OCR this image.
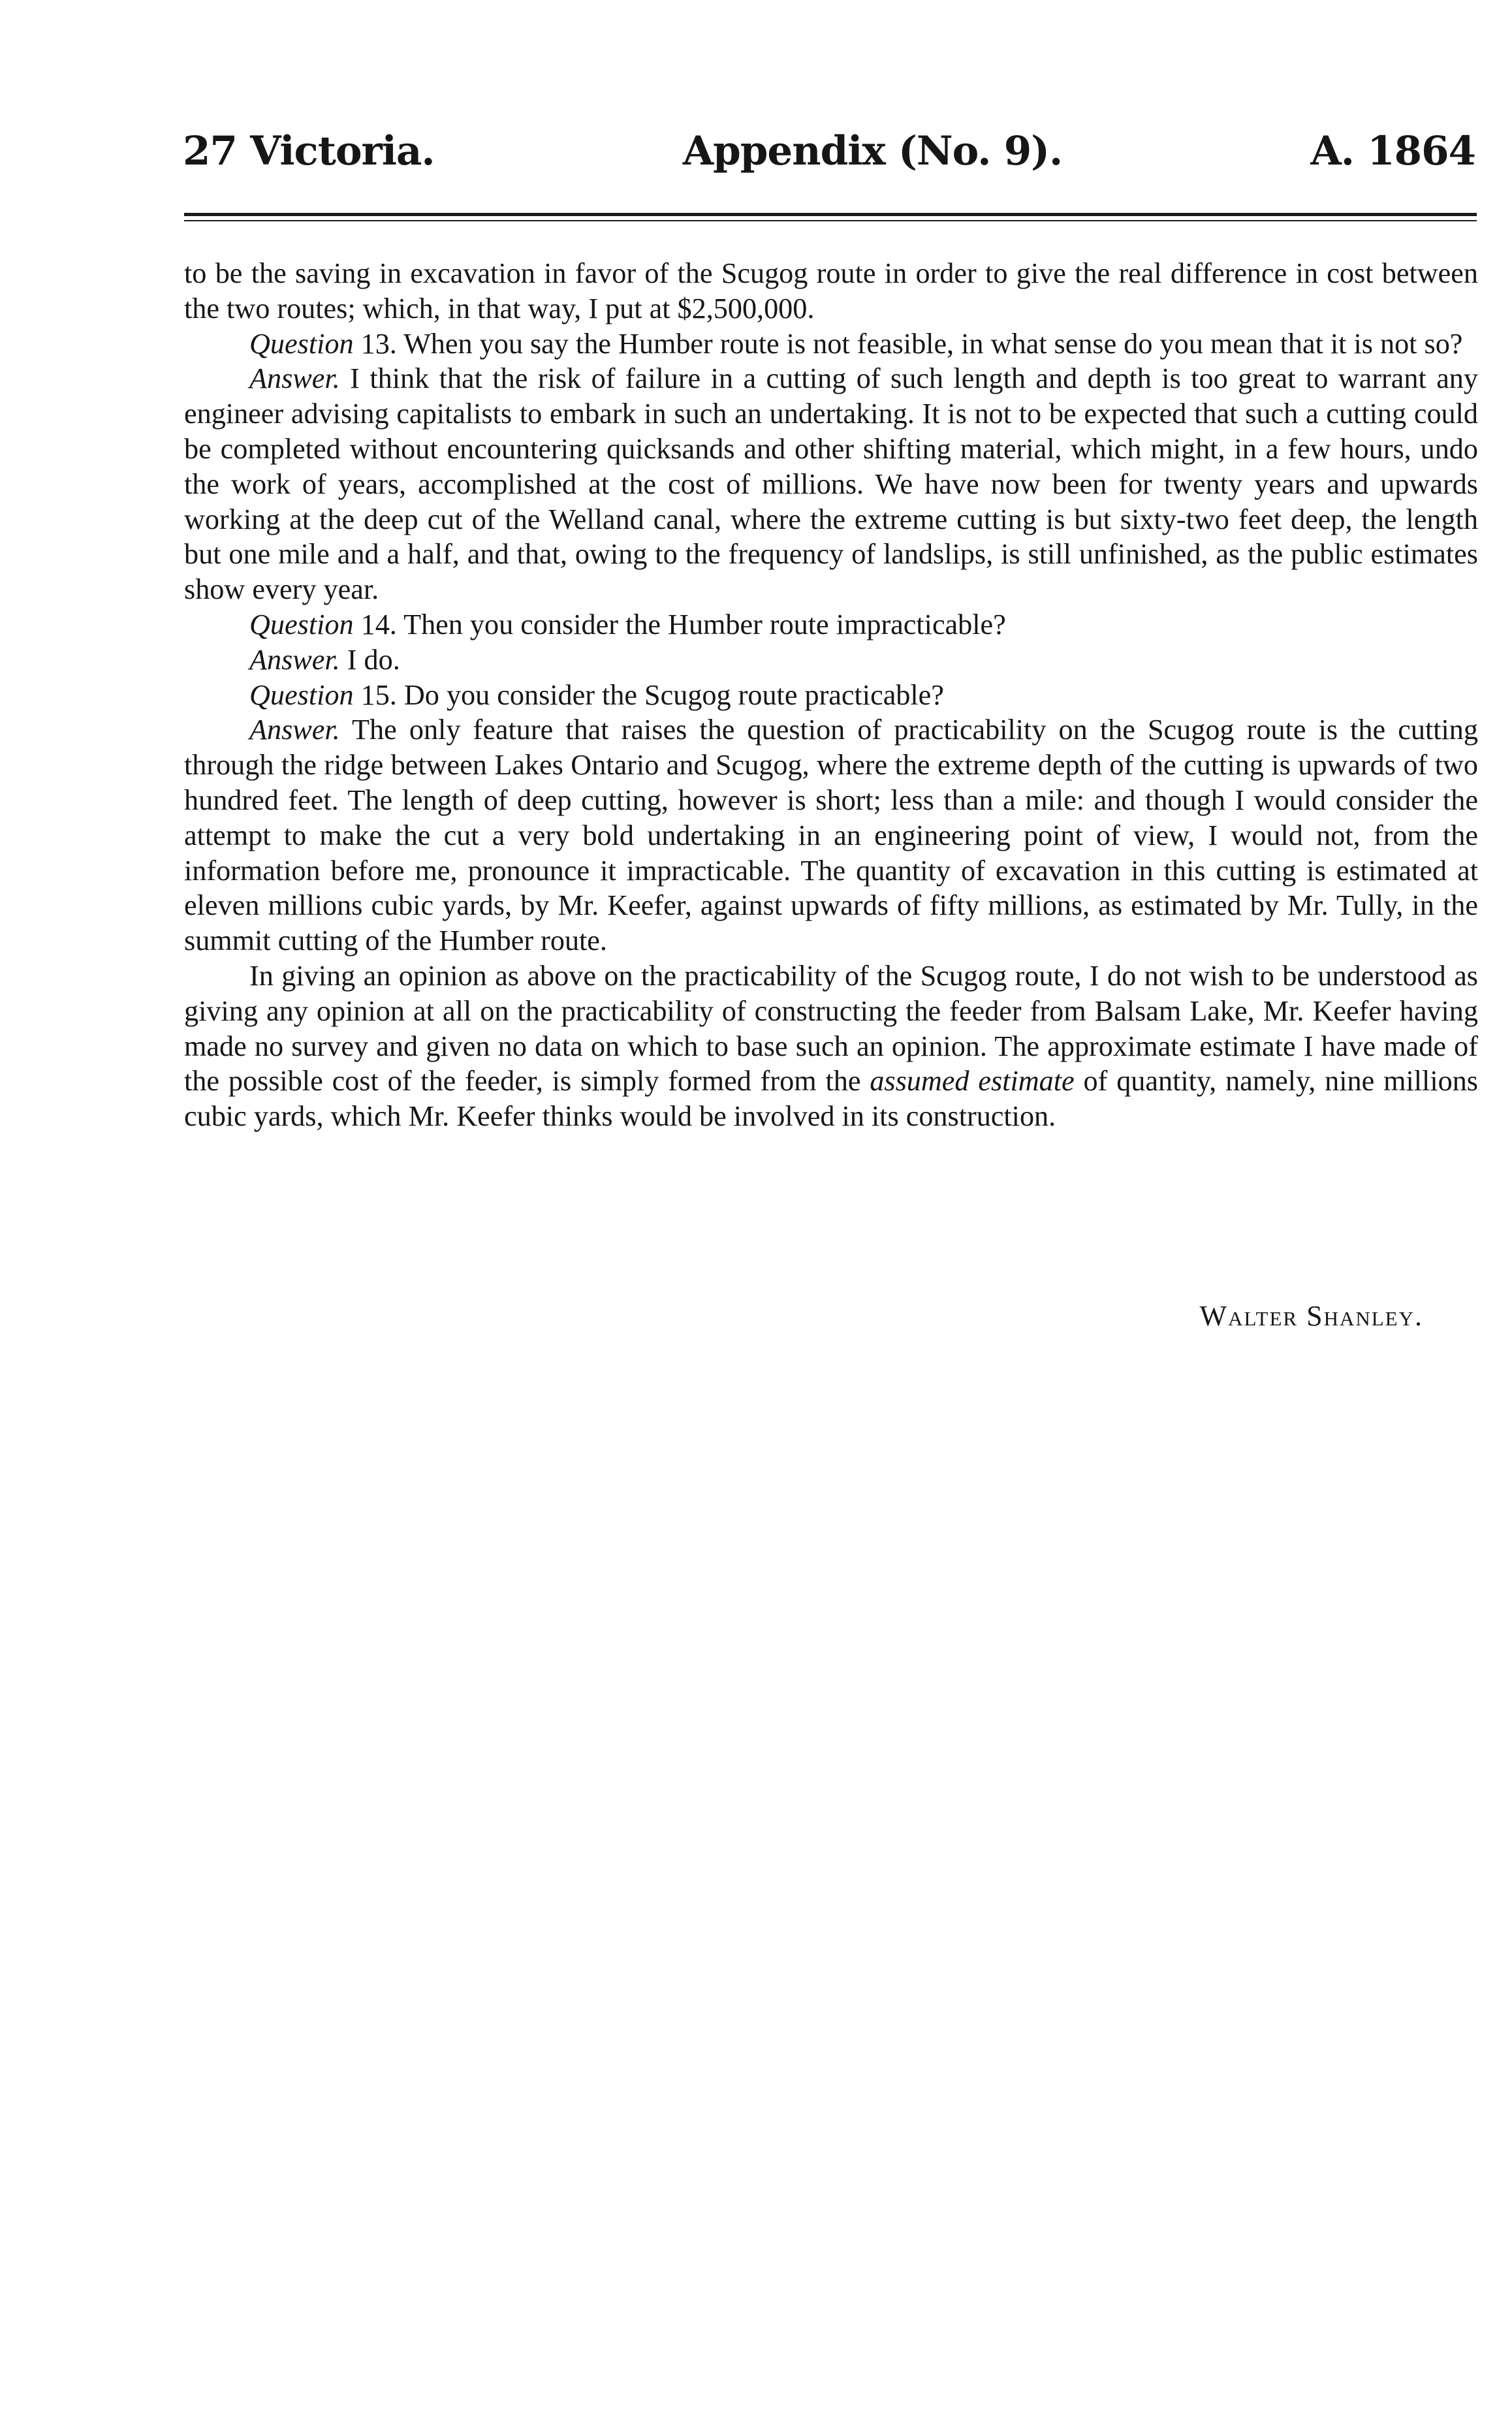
27 Victoria.	Appendix (No. 9).	A. 1864

to be the saving in excavation in favor of the Scugog route in order to give the real difference in cost between the two routes; which, in that way, I put at $2,500,000.

Question 13. When you say the Humber route is not feasible, in what sense do you mean that it is not so?

Answer. I think that the risk of failure in a cutting of such length and depth is too great to warrant any engineer advising capitalists to embark in such an undertaking. It is not to be expected that such a cutting could be completed without encountering quicksands and other shifting material, which might, in a few hours, undo the work of years, accomplished at the cost of millions. We have now been for twenty years and upwards working at the deep cut of the Welland canal, where the extreme cutting is but sixty-two feet deep, the length but one mile and a half, and that, owing to the frequency of landslips, is still unfinished, as the public estimates show every year.

Question 14. Then you consider the Humber route impracticable?

Answer. I do.

Question 15. Do you consider the Scugog route practicable?

Answer. The only feature that raises the question of practicability on the Scugog route is the cutting through the ridge between Lakes Ontario and Scugog, where the extreme depth of the cutting is upwards of two hundred feet. The length of deep cutting, however is short; less than a mile: and though I would consider the attempt to make the cut a very bold undertaking in an engineering point of view, I would not, from the information before me, pronounce it impracticable. The quantity of excavation in this cutting is estimated at eleven millions cubic yards, by Mr. Keefer, against upwards of fifty millions, as estimated by Mr. Tully, in the summit cutting of the Humber route.

In giving an opinion as above on the practicability of the Scugog route, I do not wish to be understood as giving any opinion at all on the practicability of constructing the feeder from Balsam Lake, Mr. Keefer having made no survey and given no data on which to base such an opinion. The approximate estimate I have made of the possible cost of the feeder, is simply formed from the assumed estimate of quantity, namely, nine millions cubic yards, which Mr. Keefer thinks would be involved in its construction.

Walter Shanley.
